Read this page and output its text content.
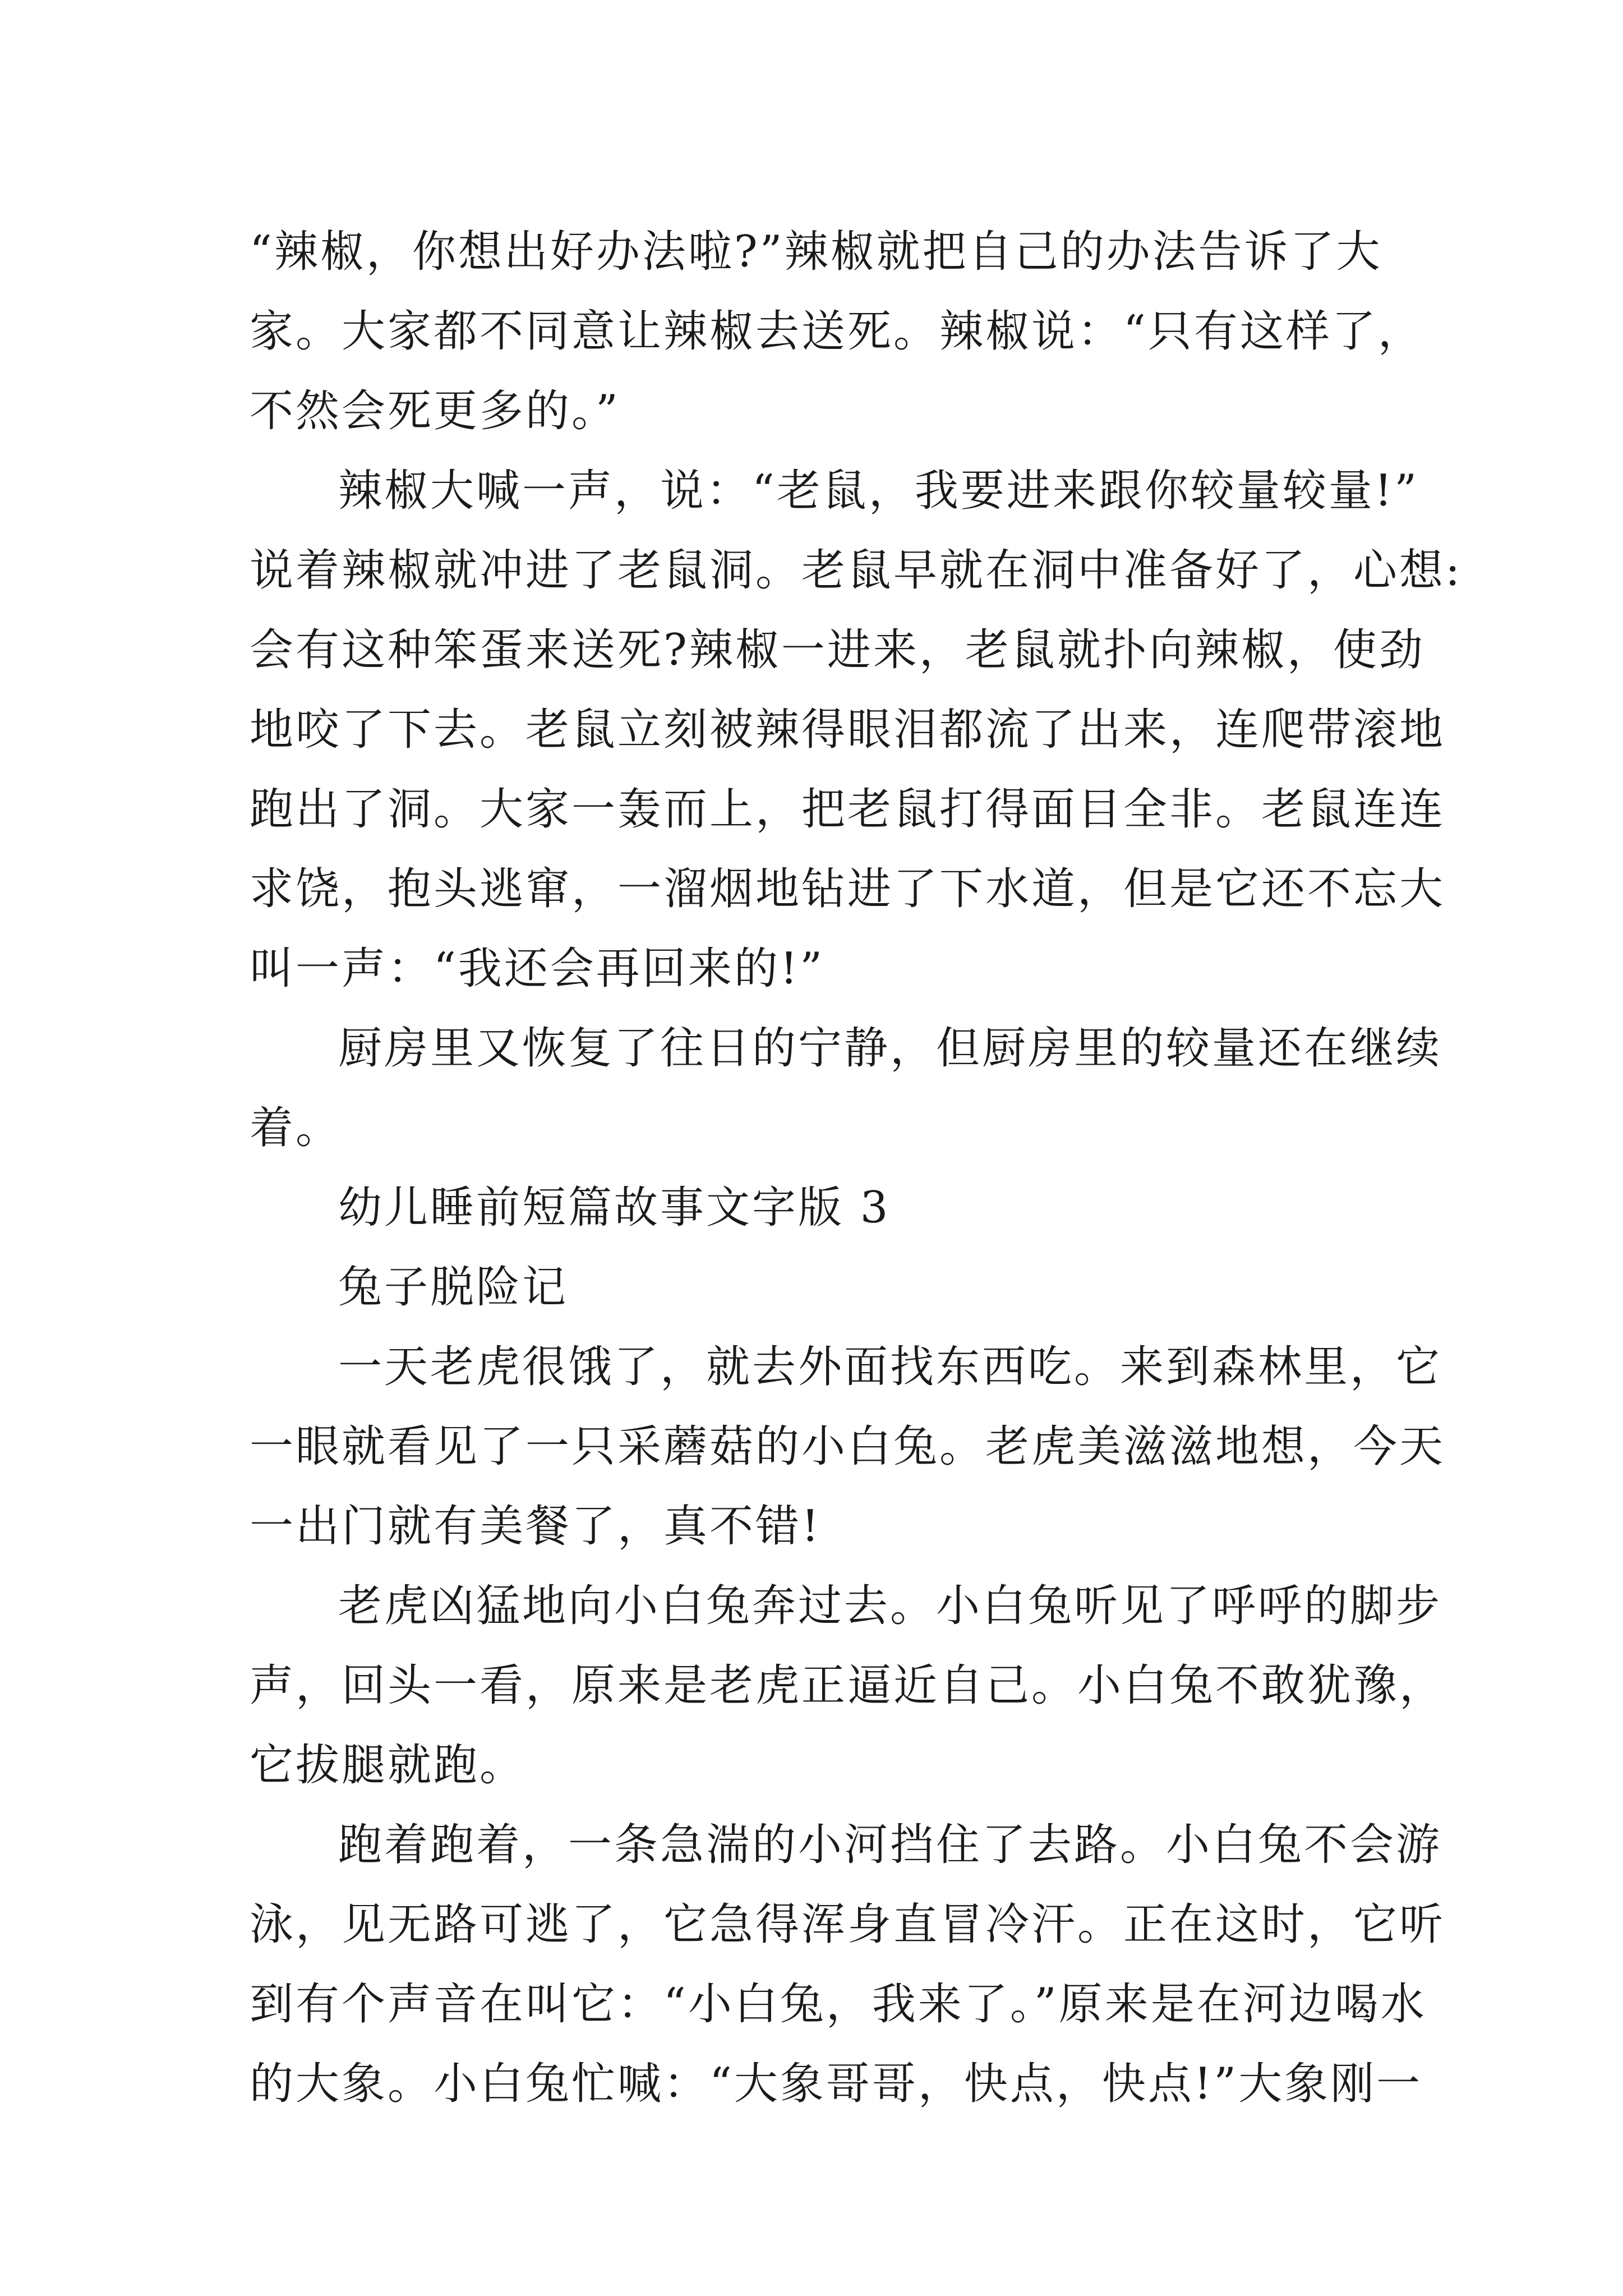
“辣椒，你想出好办法啦?”辣椒就把自己的办法告诉了大
家。大家都不同意让辣椒去送死。辣椒说：“只有这样了，
不然会死更多的。”
辣椒大喊一声，说：“老鼠，我要进来跟你较量较量!”
说着辣椒就冲进了老鼠洞。老鼠早就在洞中准备好了，心想:
会有这种笨蛋来送死?辣椒一进来，老鼠就扑向辣椒，使劲
地咬了下去。老鼠立刻被辣得眼泪都流了出来，连爬带滚地
跑出了洞。大家一轰而上，把老鼠打得面目全非。老鼠连连
求饶，抱头逃窜，一溜烟地钻进了下水道，但是它还不忘大
叫一声：“我还会再回来的!”
厨房里又恢复了往日的宁静，但厨房里的较量还在继续
着。
幼儿睡前短篇故事文字版 3
兔子脱险记
一天老虎很饿了，就去外面找东西吃。来到森林里，它
一眼就看见了一只采蘑菇的小白兔。老虎美滋滋地想，今天
一出门就有美餐了，真不错!
老虎凶猛地向小白兔奔过去。小白兔听见了呼呼的脚步
声，回头一看，原来是老虎正逼近自己。小白兔不敢犹豫，
它拔腿就跑。
跑着跑着，一条急湍的小河挡住了去路。小白兔不会游
泳，见无路可逃了，它急得浑身直冒冷汗。正在这时，它听
到有个声音在叫它：“小白兔，我来了。”原来是在河边喝水
的大象。小白兔忙喊：“大象哥哥，快点，快点!”大象刚一
